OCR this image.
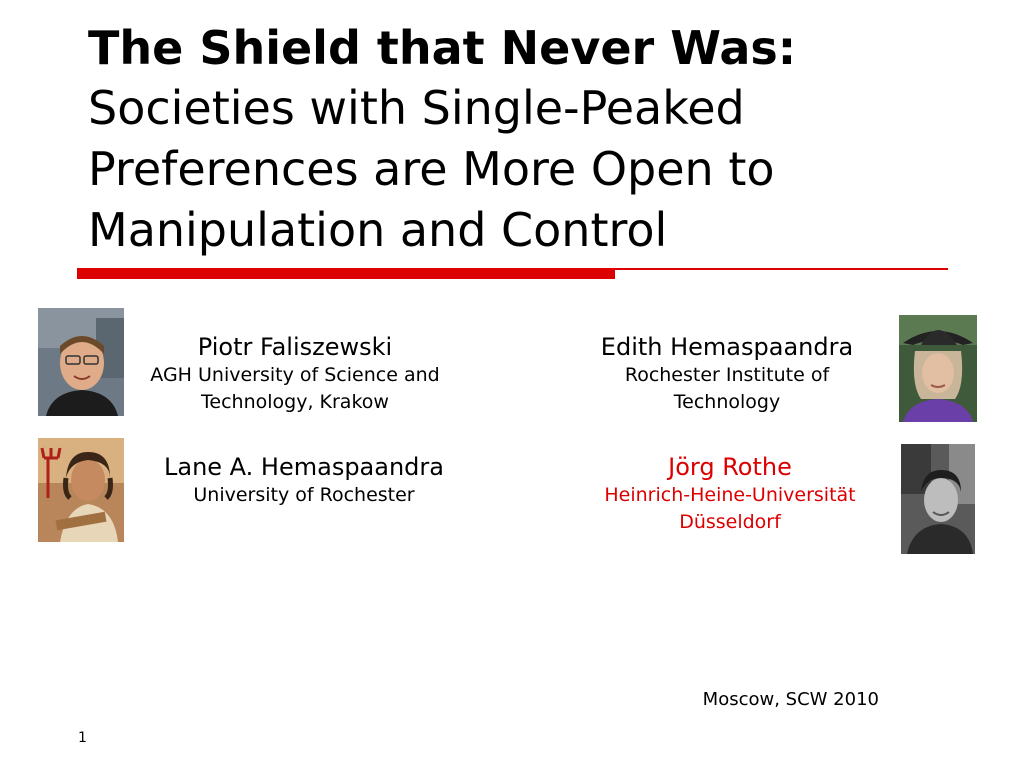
The Shield that Never Was:
Societies with Single-Peaked Preferences are More Open to Manipulation and Control
Piotr Faliszewski
AGH University of Science and Technology, Krakow
Lane A. Hemaspaandra
University of Rochester
Edith Hemaspaandra
Rochester Institute of Technology
Jörg Rothe
Heinrich-Heine-Universität Düsseldorf
Moscow, SCW 2010
1
